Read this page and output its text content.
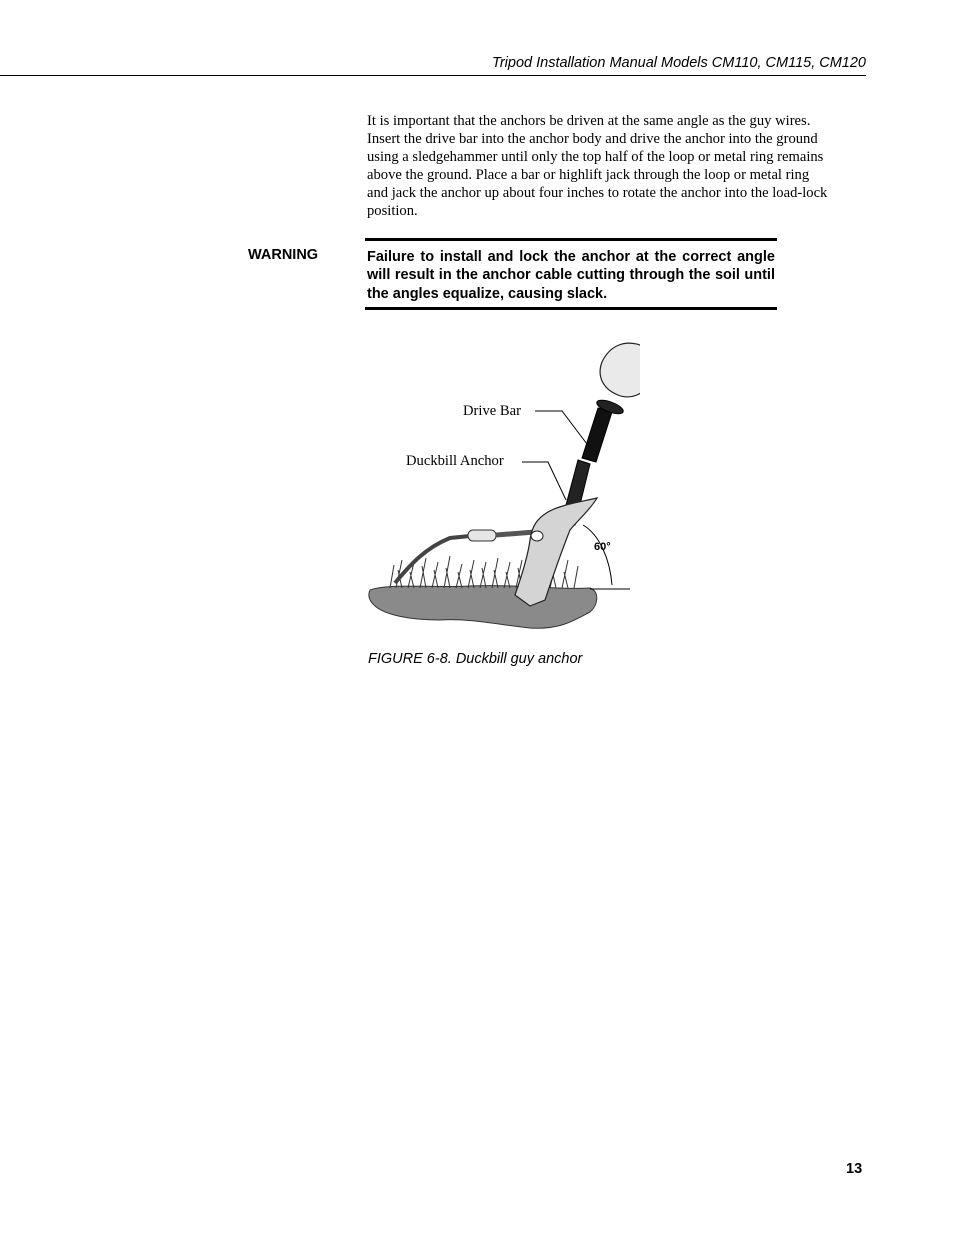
Tripod Installation Manual Models CM110, CM115, CM120

It is important that the anchors be driven at the same angle as the guy wires.
Insert the drive bar into the anchor body and drive the anchor into the ground
using a sledgehammer until only the top half of the loop or metal ring remains
above the ground. Place a bar or highlift jack through the loop or metal ring
and jack the anchor up about four inches to rotate the anchor into the load-lock
position.

WARNING	Failure to install and lock the anchor at the correct angle will result in the anchor cable cutting through the soil until the angles equalize, causing slack.

Drive Bar
Duckbill Anchor
60°
FIGURE 6-8. Duckbill guy anchor
13
